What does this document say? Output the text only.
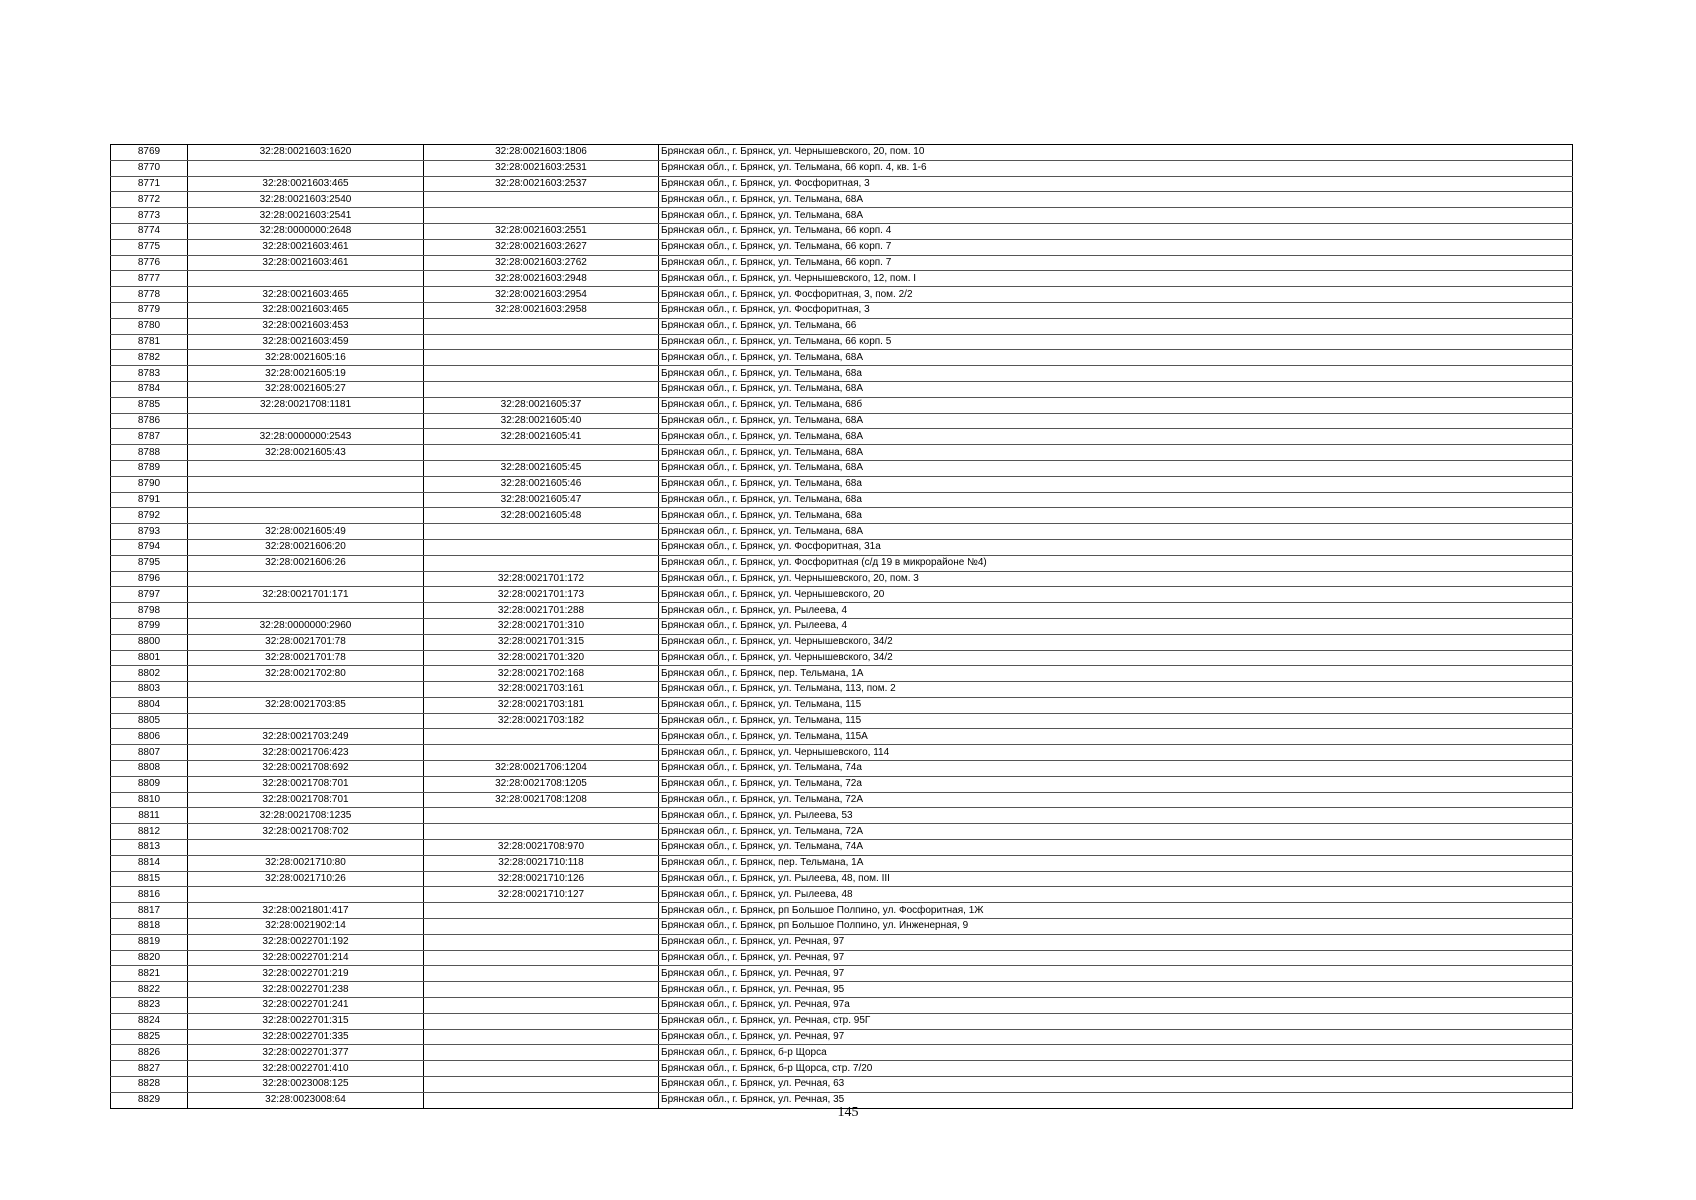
8769	32:28:0021603:1620	32:28:0021603:1806	Брянская обл., г. Брянск, ул. Чернышевского, 20, пом. 10
8770		32:28:0021603:2531	Брянская обл., г. Брянск, ул. Тельмана, 66 корп. 4, кв. 1-6
8771	32:28:0021603:465	32:28:0021603:2537	Брянская обл., г. Брянск, ул. Фосфоритная, 3
8772	32:28:0021603:2540		Брянская обл., г. Брянск, ул. Тельмана, 68А
8773	32:28:0021603:2541		Брянская обл., г. Брянск, ул. Тельмана, 68А
8774	32:28:0000000:2648	32:28:0021603:2551	Брянская обл., г. Брянск, ул. Тельмана, 66 корп. 4
8775	32:28:0021603:461	32:28:0021603:2627	Брянская обл., г. Брянск, ул. Тельмана, 66 корп. 7
8776	32:28:0021603:461	32:28:0021603:2762	Брянская обл., г. Брянск, ул. Тельмана, 66 корп. 7
8777		32:28:0021603:2948	Брянская обл., г. Брянск, ул. Чернышевского, 12, пом. I
8778	32:28:0021603:465	32:28:0021603:2954	Брянская обл., г. Брянск, ул. Фосфоритная, 3, пом. 2/2
8779	32:28:0021603:465	32:28:0021603:2958	Брянская обл., г. Брянск, ул. Фосфоритная, 3
8780	32:28:0021603:453		Брянская обл., г. Брянск, ул. Тельмана, 66
8781	32:28:0021603:459		Брянская обл., г. Брянск, ул. Тельмана, 66 корп. 5
8782	32:28:0021605:16		Брянская обл., г. Брянск, ул. Тельмана, 68А
8783	32:28:0021605:19		Брянская обл., г. Брянск, ул. Тельмана, 68а
8784	32:28:0021605:27		Брянская обл., г. Брянск, ул. Тельмана, 68А
8785	32:28:0021708:1181	32:28:0021605:37	Брянская обл., г. Брянск, ул. Тельмана, 68б
8786		32:28:0021605:40	Брянская обл., г. Брянск, ул. Тельмана, 68А
8787	32:28:0000000:2543	32:28:0021605:41	Брянская обл., г. Брянск, ул. Тельмана, 68А
8788	32:28:0021605:43		Брянская обл., г. Брянск, ул. Тельмана, 68А
8789		32:28:0021605:45	Брянская обл., г. Брянск, ул. Тельмана, 68А
8790		32:28:0021605:46	Брянская обл., г. Брянск, ул. Тельмана, 68а
8791		32:28:0021605:47	Брянская обл., г. Брянск, ул. Тельмана, 68а
8792		32:28:0021605:48	Брянская обл., г. Брянск, ул. Тельмана, 68а
8793	32:28:0021605:49		Брянская обл., г. Брянск, ул. Тельмана, 68А
8794	32:28:0021606:20		Брянская обл., г. Брянск, ул. Фосфоритная, 31а
8795	32:28:0021606:26		Брянская обл., г. Брянск, ул. Фосфоритная (с/д 19 в микрорайоне №4)
8796		32:28:0021701:172	Брянская обл., г. Брянск, ул. Чернышевского, 20, пом. 3
8797	32:28:0021701:171	32:28:0021701:173	Брянская обл., г. Брянск, ул. Чернышевского, 20
8798		32:28:0021701:288	Брянская обл., г. Брянск, ул. Рылеева, 4
8799	32:28:0000000:2960	32:28:0021701:310	Брянская обл., г. Брянск, ул. Рылеева, 4
8800	32:28:0021701:78	32:28:0021701:315	Брянская обл., г. Брянск, ул. Чернышевского, 34/2
8801	32:28:0021701:78	32:28:0021701:320	Брянская обл., г. Брянск, ул. Чернышевского, 34/2
8802	32:28:0021702:80	32:28:0021702:168	Брянская обл., г. Брянск, пер. Тельмана, 1А
8803		32:28:0021703:161	Брянская обл., г. Брянск, ул. Тельмана, 113, пом. 2
8804	32:28:0021703:85	32:28:0021703:181	Брянская обл., г. Брянск, ул. Тельмана, 115
8805		32:28:0021703:182	Брянская обл., г. Брянск, ул. Тельмана, 115
8806	32:28:0021703:249		Брянская обл., г. Брянск, ул. Тельмана, 115А
8807	32:28:0021706:423		Брянская обл., г. Брянск, ул. Чернышевского, 114
8808	32:28:0021708:692	32:28:0021706:1204	Брянская обл., г. Брянск, ул. Тельмана, 74а
8809	32:28:0021708:701	32:28:0021708:1205	Брянская обл., г. Брянск, ул. Тельмана, 72а
8810	32:28:0021708:701	32:28:0021708:1208	Брянская обл., г. Брянск, ул. Тельмана, 72А
8811	32:28:0021708:1235		Брянская обл., г. Брянск, ул. Рылеева, 53
8812	32:28:0021708:702		Брянская обл., г. Брянск, ул. Тельмана, 72А
8813		32:28:0021708:970	Брянская обл., г. Брянск, ул. Тельмана, 74А
8814	32:28:0021710:80	32:28:0021710:118	Брянская обл., г. Брянск, пер. Тельмана, 1А
8815	32:28:0021710:26	32:28:0021710:126	Брянская обл., г. Брянск, ул. Рылеева, 48, пом. III
8816		32:28:0021710:127	Брянская обл., г. Брянск, ул. Рылеева, 48
8817	32:28:0021801:417		Брянская обл., г. Брянск, рп Большое Полпино, ул. Фосфоритная, 1Ж
8818	32:28:0021902:14		Брянская обл., г. Брянск, рп Большое Полпино, ул. Инженерная, 9
8819	32:28:0022701:192		Брянская обл., г. Брянск, ул. Речная, 97
8820	32:28:0022701:214		Брянская обл., г. Брянск, ул. Речная, 97
8821	32:28:0022701:219		Брянская обл., г. Брянск, ул. Речная, 97
8822	32:28:0022701:238		Брянская обл., г. Брянск, ул. Речная, 95
8823	32:28:0022701:241		Брянская обл., г. Брянск, ул. Речная, 97а
8824	32:28:0022701:315		Брянская обл., г. Брянск, ул. Речная, стр. 95Г
8825	32:28:0022701:335		Брянская обл., г. Брянск, ул. Речная, 97
8826	32:28:0022701:377		Брянская обл., г. Брянск, б-р Щорса
8827	32:28:0022701:410		Брянская обл., г. Брянск, б-р Щорса, стр. 7/20
8828	32:28:0023008:125		Брянская обл., г. Брянск, ул. Речная, 63
8829	32:28:0023008:64		Брянская обл., г. Брянск, ул. Речная, 35
145
